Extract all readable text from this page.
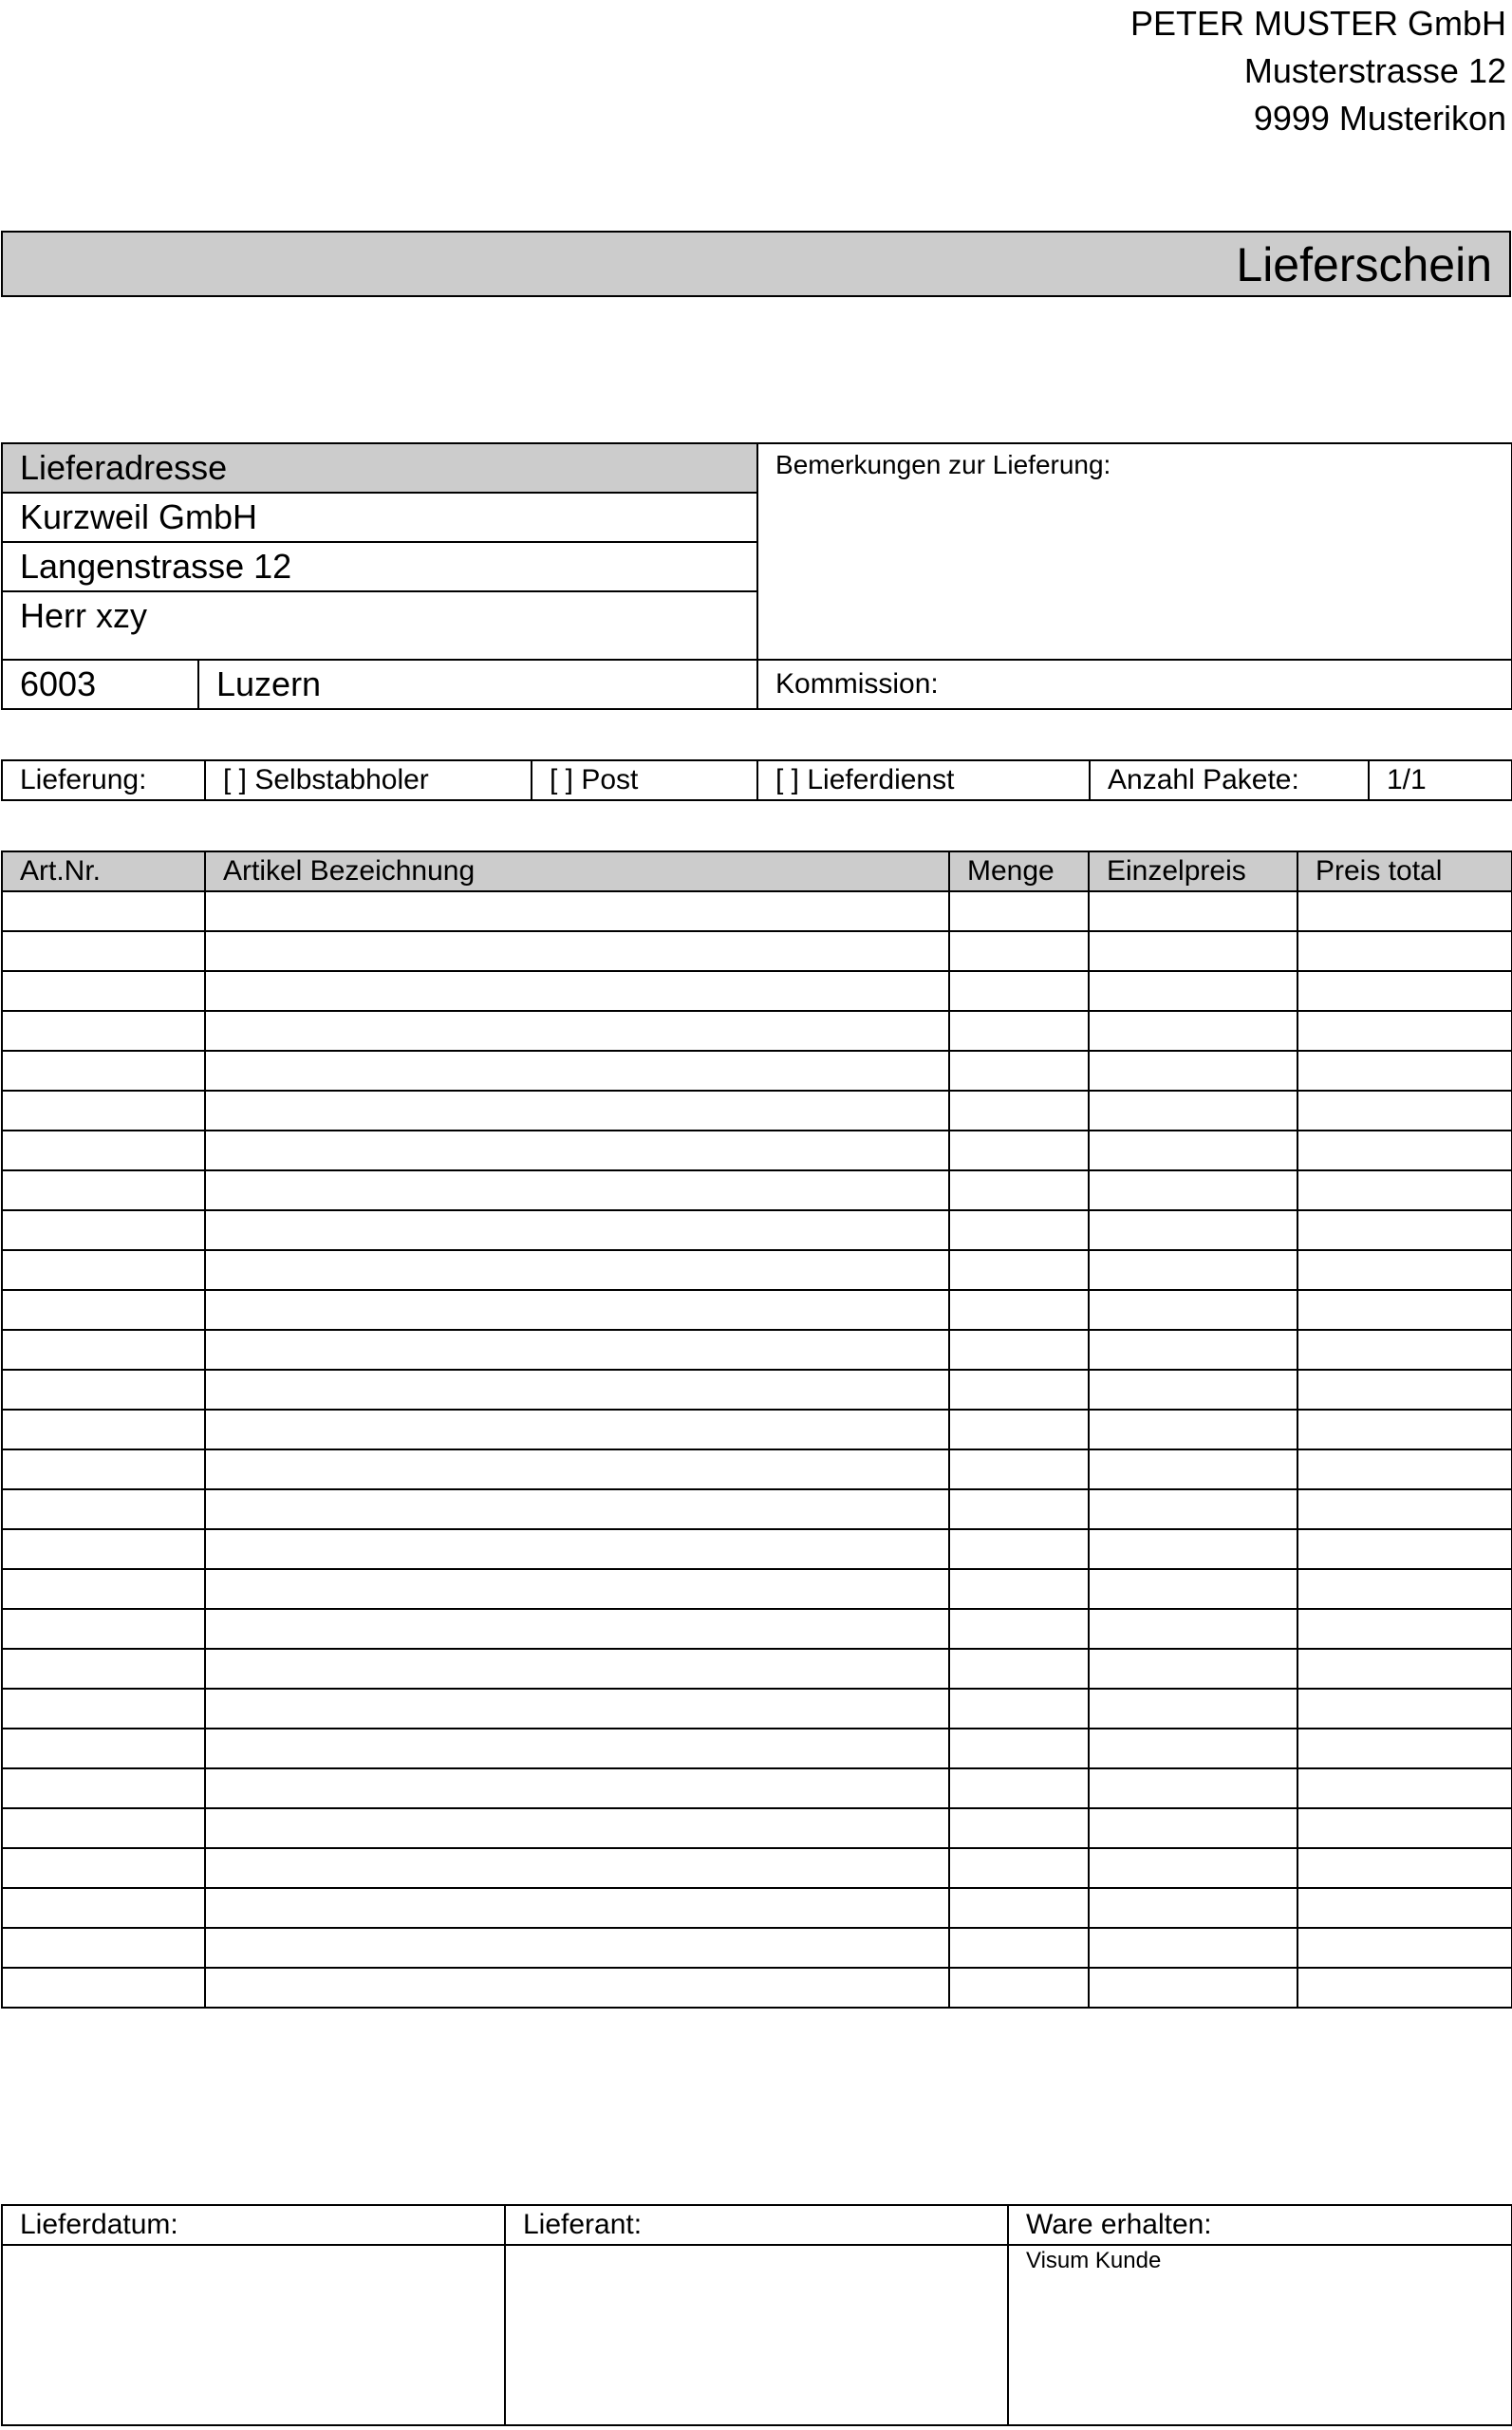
PETER MUSTER GmbH
Musterstrasse 12
9999 Musterikon
Lieferschein
Lieferadresse		Bemerkungen zur Lieferung:
Kurzweil GmbH		
Langenstrasse 12		
Herr xzy		
6003	Luzern	Kommission:
Lieferung:	[ ] Selbstabholer	[ ] Post	[ ] Lieferdienst	Anzahl Pakete:	1/1
Art.Nr.	Artikel Bezeichnung	Menge	Einzelpreis	Preis total

Lieferdatum:	Lieferant:	Ware erhalten:
		Visum Kunde
